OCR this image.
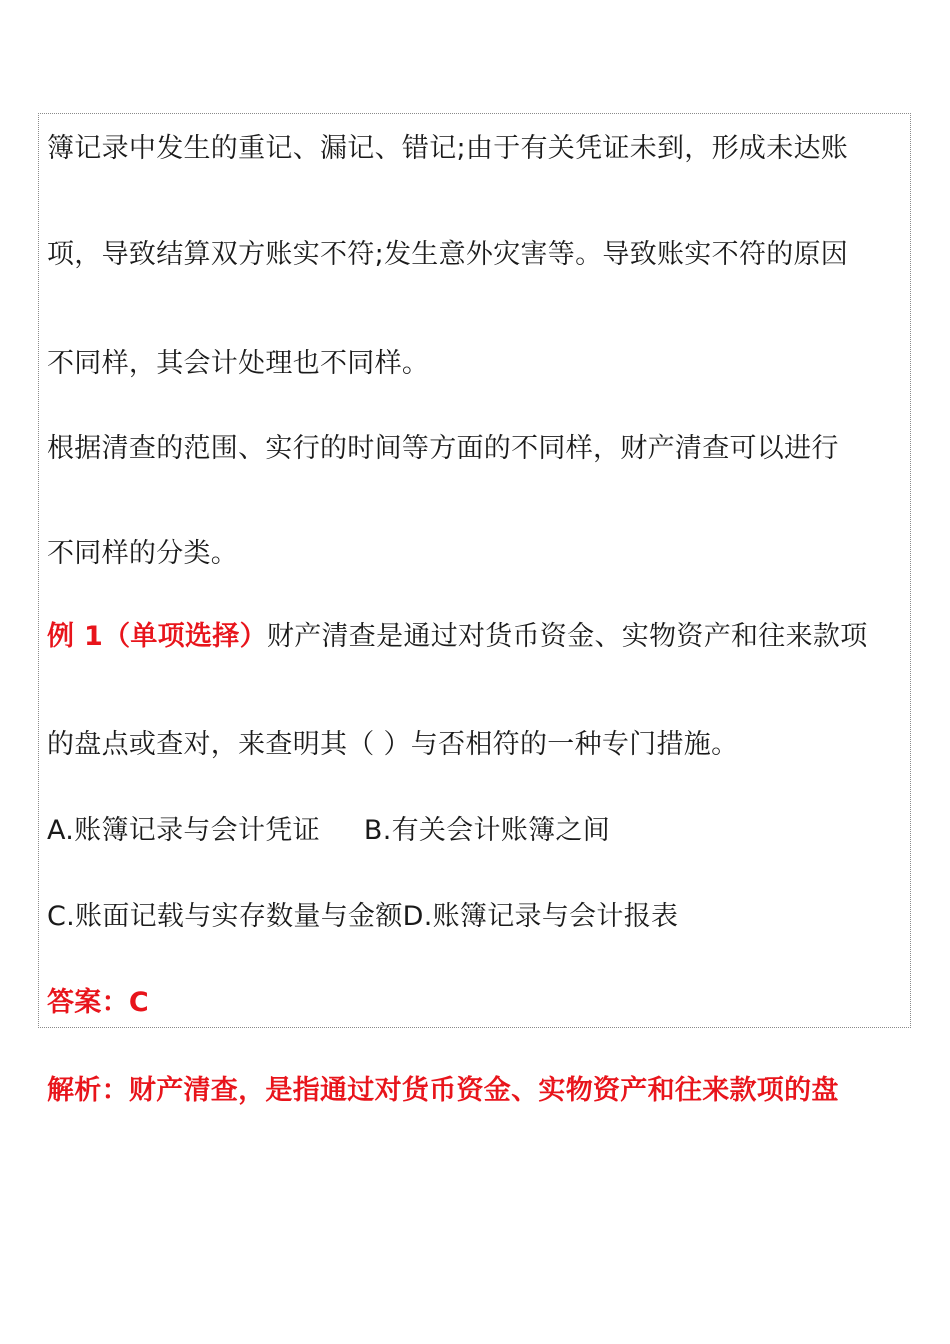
簿记录中发生的重记、漏记、错记;由于有关凭证未到，形成未达账
项，导致结算双方账实不符;发生意外灾害等。导致账实不符的原因
不同样，其会计处理也不同样。
根据清查的范围、实行的时间等方面的不同样，财产清查可以进行
不同样的分类。
例 1（单项选择）财产清查是通过对货币资金、实物资产和往来款项
的盘点或查对，来查明其（ ）与否相符的一种专门措施。
A.账簿记录与会计凭证 B.有关会计账簿之间
C.账面记载与实存数量与金额D.账簿记录与会计报表
答案：C
解析：财产清查，是指通过对货币资金、实物资产和往来款项的盘
